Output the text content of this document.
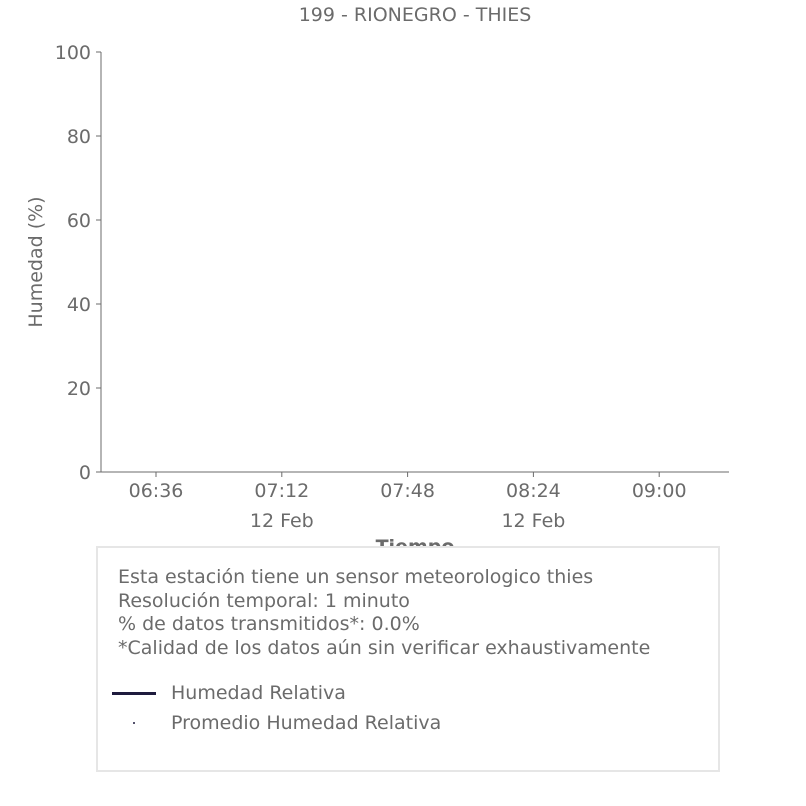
199 - RIONEGRO - THIES
Humedad (%)
0
20
40
60
80
100
06:36	07:12
12 Feb
07:48	08:24
12 Feb
09:00
Esta estación tiene un sensor meteorologico thies
Resolución temporal: 1 minuto
% de datos transmitidos*: 0.0%
*Calidad de los datos aún sin verificar exhaustivamente
Humedad Relativa
Promedio Humedad Relativa
